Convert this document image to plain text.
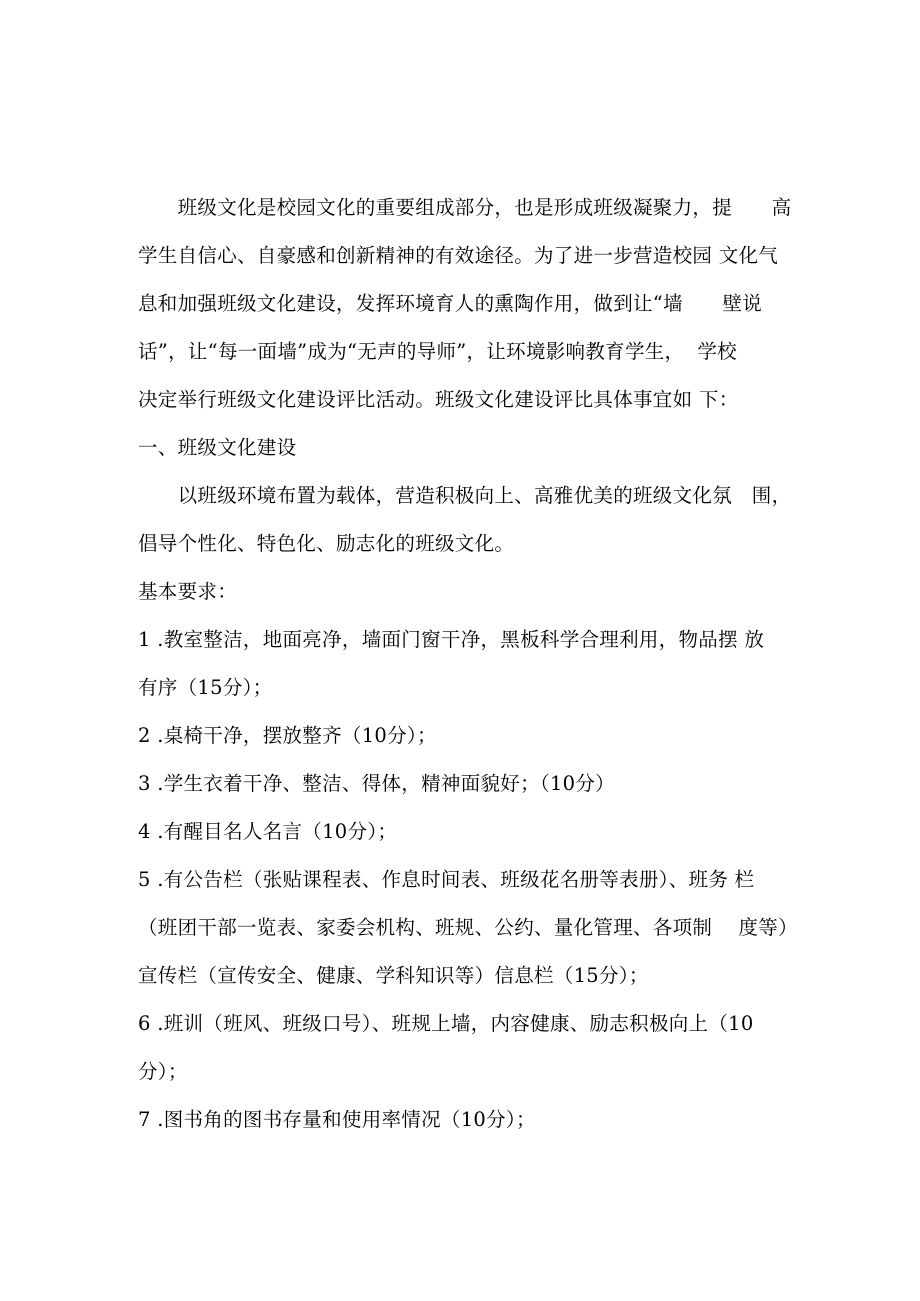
　　班级文化是校园文化的重要组成部分，也是形成班级凝聚力，提　　高
学生自信心、自豪感和创新精神的有效途径。为了进一步营造校园 文化气
息和加强班级文化建设，发挥环境育人的熏陶作用，做到让“墙　　壁说
话”，让“每一面墙”成为“无声的导师”，让环境影响教育学生，  学校
决定举行班级文化建设评比活动。班级文化建设评比具体事宜如 下：
一、班级文化建设
　　以班级环境布置为载体，营造积极向上、高雅优美的班级文化氛　围，
倡导个性化、特色化、励志化的班级文化。
基本要求：
1 .教室整洁，地面亮净，墙面门窗干净，黑板科学合理利用，物品摆 放
有序（15分）；
2 .桌椅干净，摆放整齐（10分）；
3 .学生衣着干净、整洁、得体，精神面貌好；（10分）
4 .有醒目名人名言（10分）；
5 .有公告栏（张贴课程表、作息时间表、班级花名册等表册）、班务 栏
（班团干部一览表、家委会机构、班规、公约、量化管理、各项制　 度等）
宣传栏（宣传安全、健康、学科知识等）信息栏（15分）；
6 .班训（班风、班级口号）、班规上墙，内容健康、励志积极向上（10
分）；
7 .图书角的图书存量和使用率情况（10分）；
